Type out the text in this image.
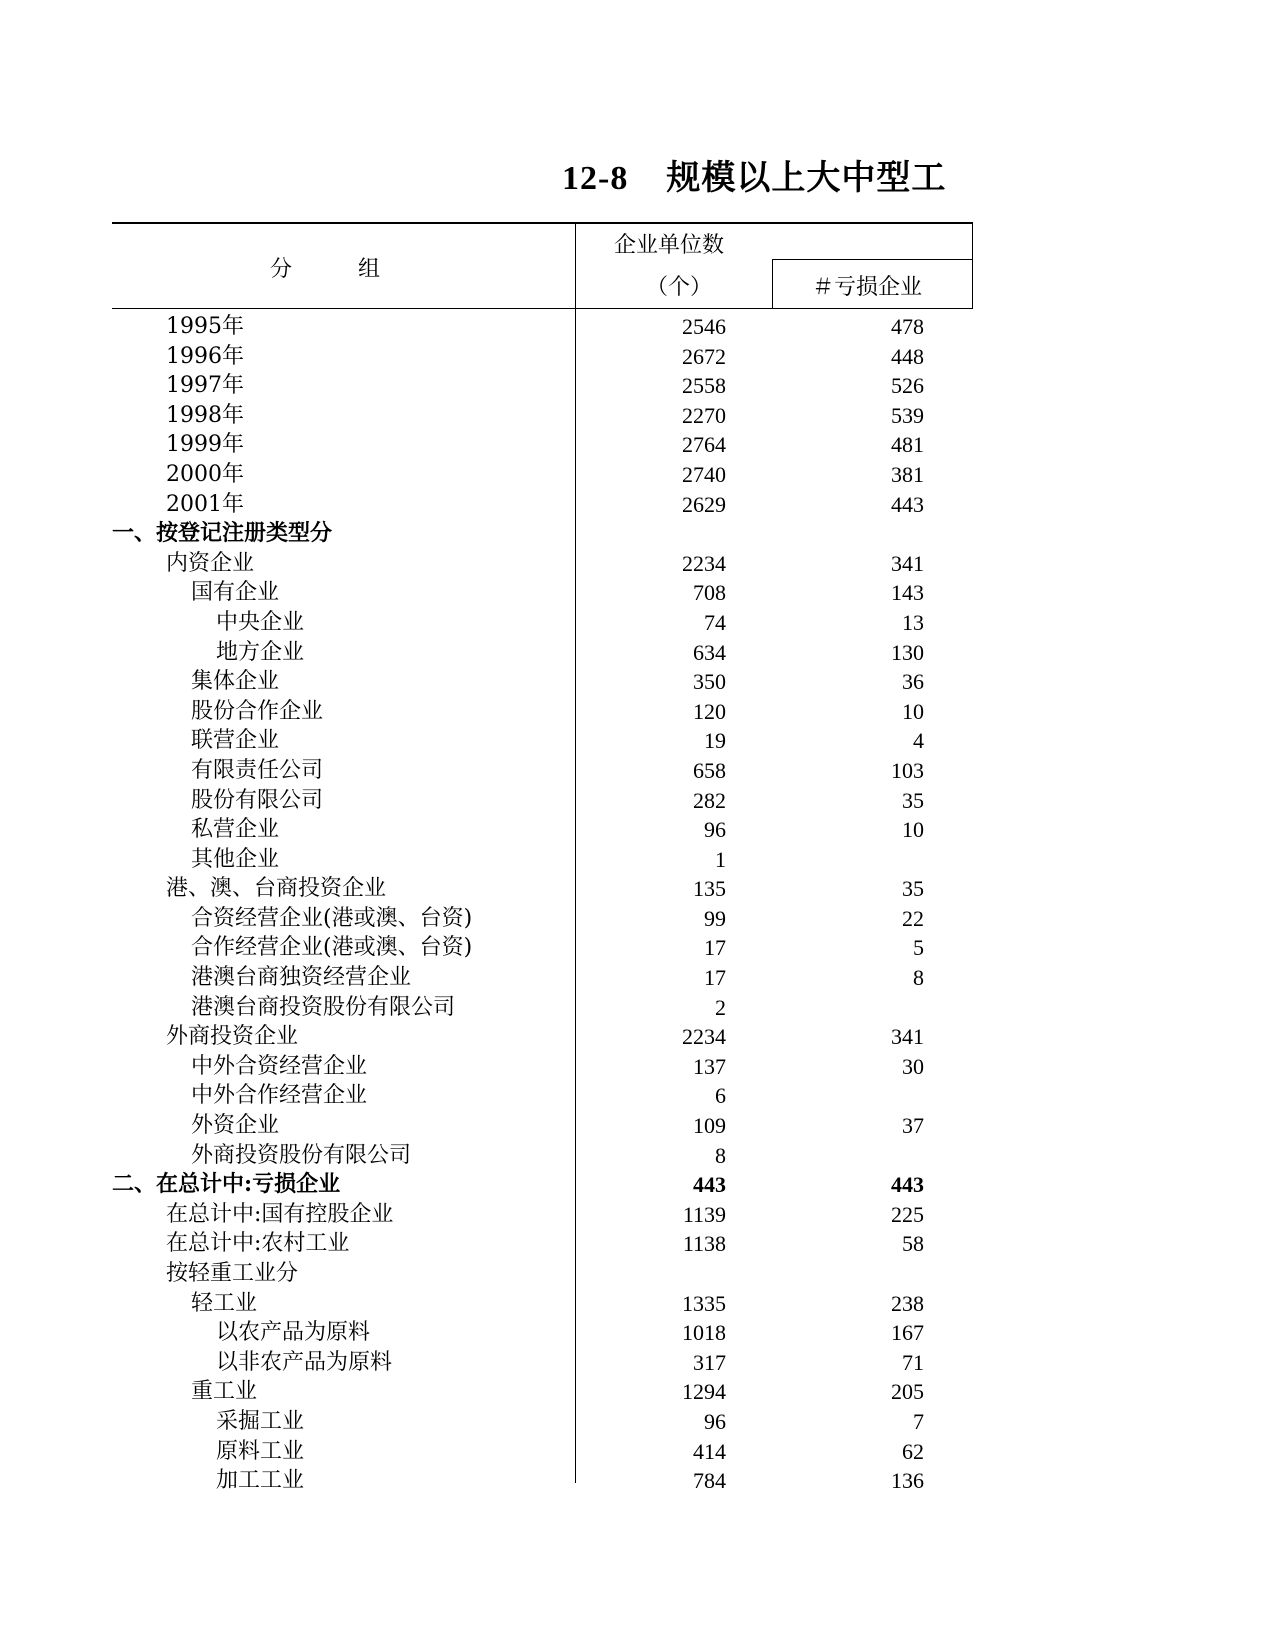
12-8 规模以上大中型工
分　　　组
企业单位数
（个）	＃亏损企业
1995年	2546	478
1996年	2672	448
1997年	2558	526
1998年	2270	539
1999年	2764	481
2000年	2740	381
2001年	2629	443
一、按登记注册类型分
内资企业	2234	341
国有企业	708	143
中央企业	74	13
地方企业	634	130
集体企业	350	36
股份合作企业	120	10
联营企业	19	4
有限责任公司	658	103
股份有限公司	282	35
私营企业	96	10
其他企业	1
港、澳、台商投资企业	135	35
合资经营企业(港或澳、台资)	99	22
合作经营企业(港或澳、台资)	17	5
港澳台商独资经营企业	17	8
港澳台商投资股份有限公司	2
外商投资企业	2234	341
中外合资经营企业	137	30
中外合作经营企业	6
外资企业	109	37
外商投资股份有限公司	8
二、在总计中:亏损企业	443	443
在总计中:国有控股企业	1139	225
在总计中:农村工业	1138	58
按轻重工业分
轻工业	1335	238
以农产品为原料	1018	167
以非农产品为原料	317	71
重工业	1294	205
采掘工业	96	7
原料工业	414	62
加工工业	784	136
